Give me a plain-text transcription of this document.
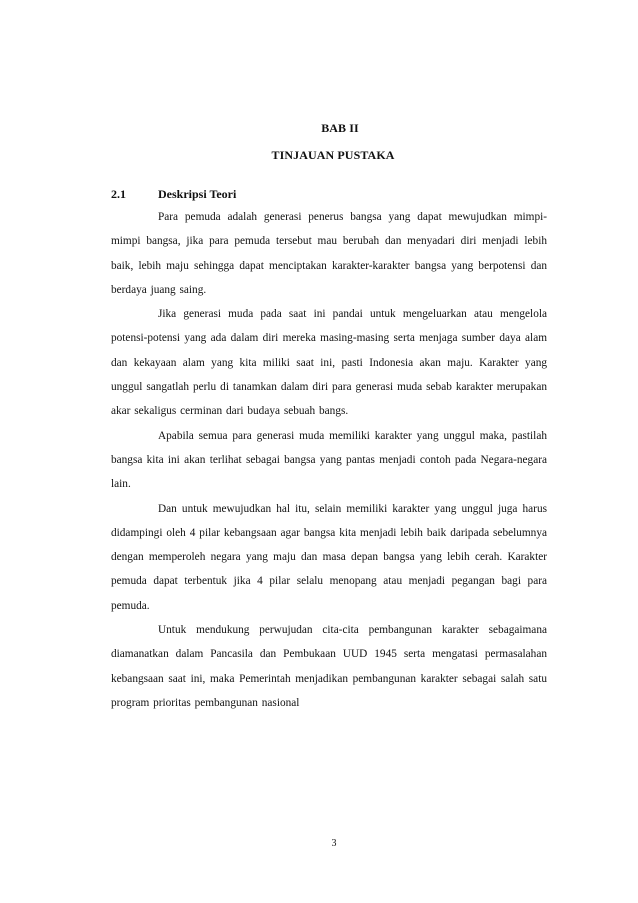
BAB II
TINJAUAN PUSTAKA
2.1	Deskripsi Teori

Para pemuda adalah generasi penerus bangsa yang dapat mewujudkan mimpi-mimpi bangsa, jika para pemuda tersebut mau berubah dan menyadari diri menjadi lebih baik, lebih maju sehingga dapat menciptakan karakter-karakter bangsa yang berpotensi dan berdaya juang saing.

Jika generasi muda pada saat ini pandai untuk mengeluarkan atau mengelola potensi-potensi yang ada dalam diri mereka masing-masing serta menjaga sumber daya alam dan kekayaan alam yang kita miliki saat ini, pasti Indonesia akan maju. Karakter yang unggul sangatlah perlu di tanamkan dalam diri para generasi muda sebab karakter merupakan akar sekaligus cerminan dari budaya sebuah bangs.

Apabila semua para generasi muda memiliki karakter yang unggul maka, pastilah bangsa kita ini akan terlihat sebagai bangsa yang pantas menjadi contoh pada Negara-negara lain.

Dan untuk mewujudkan hal itu, selain memiliki karakter yang unggul juga harus didampingi oleh 4 pilar kebangsaan agar bangsa kita menjadi lebih baik daripada sebelumnya dengan memperoleh negara yang maju dan masa depan bangsa yang lebih cerah. Karakter pemuda dapat terbentuk jika 4 pilar selalu menopang atau menjadi pegangan bagi para pemuda.

Untuk mendukung perwujudan cita-cita pembangunan karakter sebagaimana diamanatkan dalam Pancasila dan Pembukaan UUD 1945 serta mengatasi permasalahan kebangsaan saat ini, maka Pemerintah menjadikan pembangunan karakter sebagai salah satu program prioritas pembangunan nasional

3
